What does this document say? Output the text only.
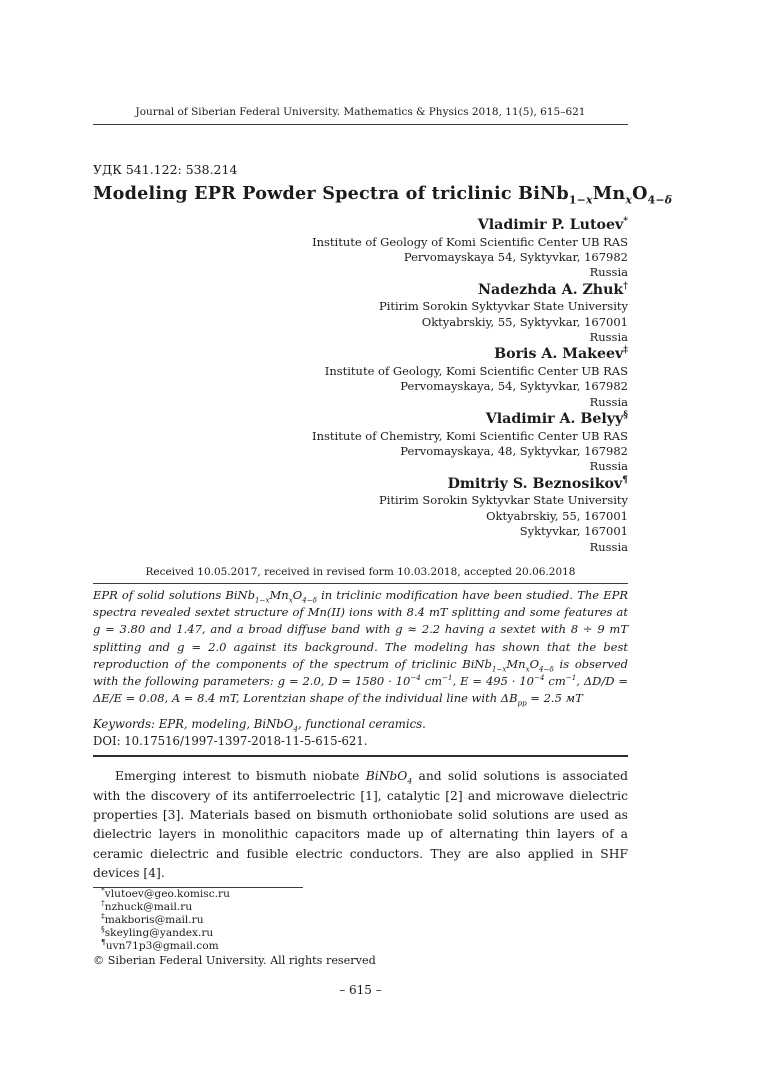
Journal of Siberian Federal University. Mathematics & Physics 2018, 11(5), 615–621
УДК 541.122: 538.214
Modeling EPR Powder Spectra of triclinic $BiNb_{1-x}Mn_xO_{4-\delta}$
Vladimir P. Lutoev*
Institute of Geology of Komi Scientific Center UB RAS
Pervomayskaya 54, Syktyvkar, 167982
Russia
Nadezhda A. Zhuk†
Pitirim Sorokin Syktyvkar State University
Oktyabrskiy, 55, Syktyvkar, 167001
Russia
Boris A. Makeev‡
Institute of Geology, Komi Scientific Center UB RAS
Pervomayskaya, 54, Syktyvkar, 167982
Russia
Vladimir A. Belyy§
Institute of Chemistry, Komi Scientific Center UB RAS
Pervomayskaya, 48, Syktyvkar, 167982
Russia
Dmitriy S. Beznosikov¶
Pitirim Sorokin Syktyvkar State University
Oktyabrskiy, 55, 167001
Syktyvkar, 167001
Russia
Received 10.05.2017, received in revised form 10.03.2018, accepted 20.06.2018

EPR of solid solutions $BiNb_{1-x}Mn_xO_{4-\delta}$ in triclinic modification have been studied. The EPR spectra revealed sextet structure of Mn(II) ions with 8.4 mT splitting and some features at g = 3.80 and 1.47, and a broad diffuse band with g ≈ 2.2 having a sextet with 8 ÷ 9 mT splitting and g = 2.0 against its background. The modeling has shown that the best reproduction of the components of the spectrum of triclinic $BiNb_{1-x}Mn_xO_{4-\delta}$ is observed with the following parameters: g = 2.0, $D = 1580 \cdot 10^{-4}$ $cm^{-1}$, $E = 495 \cdot 10^{-4}$ $cm^{-1}$, ΔD/D = ΔE/E = 0.08, A = 8.4 mT, Lorentzian shape of the individual line with $\Delta B_{pp} = 2.5$ мT

Keywords: EPR, modeling, BiNbO$_4$, functional ceramics.

DOI: 10.17516/1997-1397-2018-11-5-615-621.

Emerging interest to bismuth niobate BiNbO$_4$ and solid solutions is associated with the discovery of its antiferroelectric [1], catalytic [2] and microwave dielectric properties [3]. Materials based on bismuth orthoniobate solid solutions are used as dielectric layers in monolithic capacitors made up of alternating thin layers of a ceramic dielectric and fusible electric conductors. They are also applied in SHF devices [4].

*vlutoev@geo.komisc.ru
†nzhuck@mail.ru
‡makboris@mail.ru
§skeyling@yandex.ru
¶uvn71p3@gmail.com
© Siberian Federal University. All rights reserved
– 615 –
